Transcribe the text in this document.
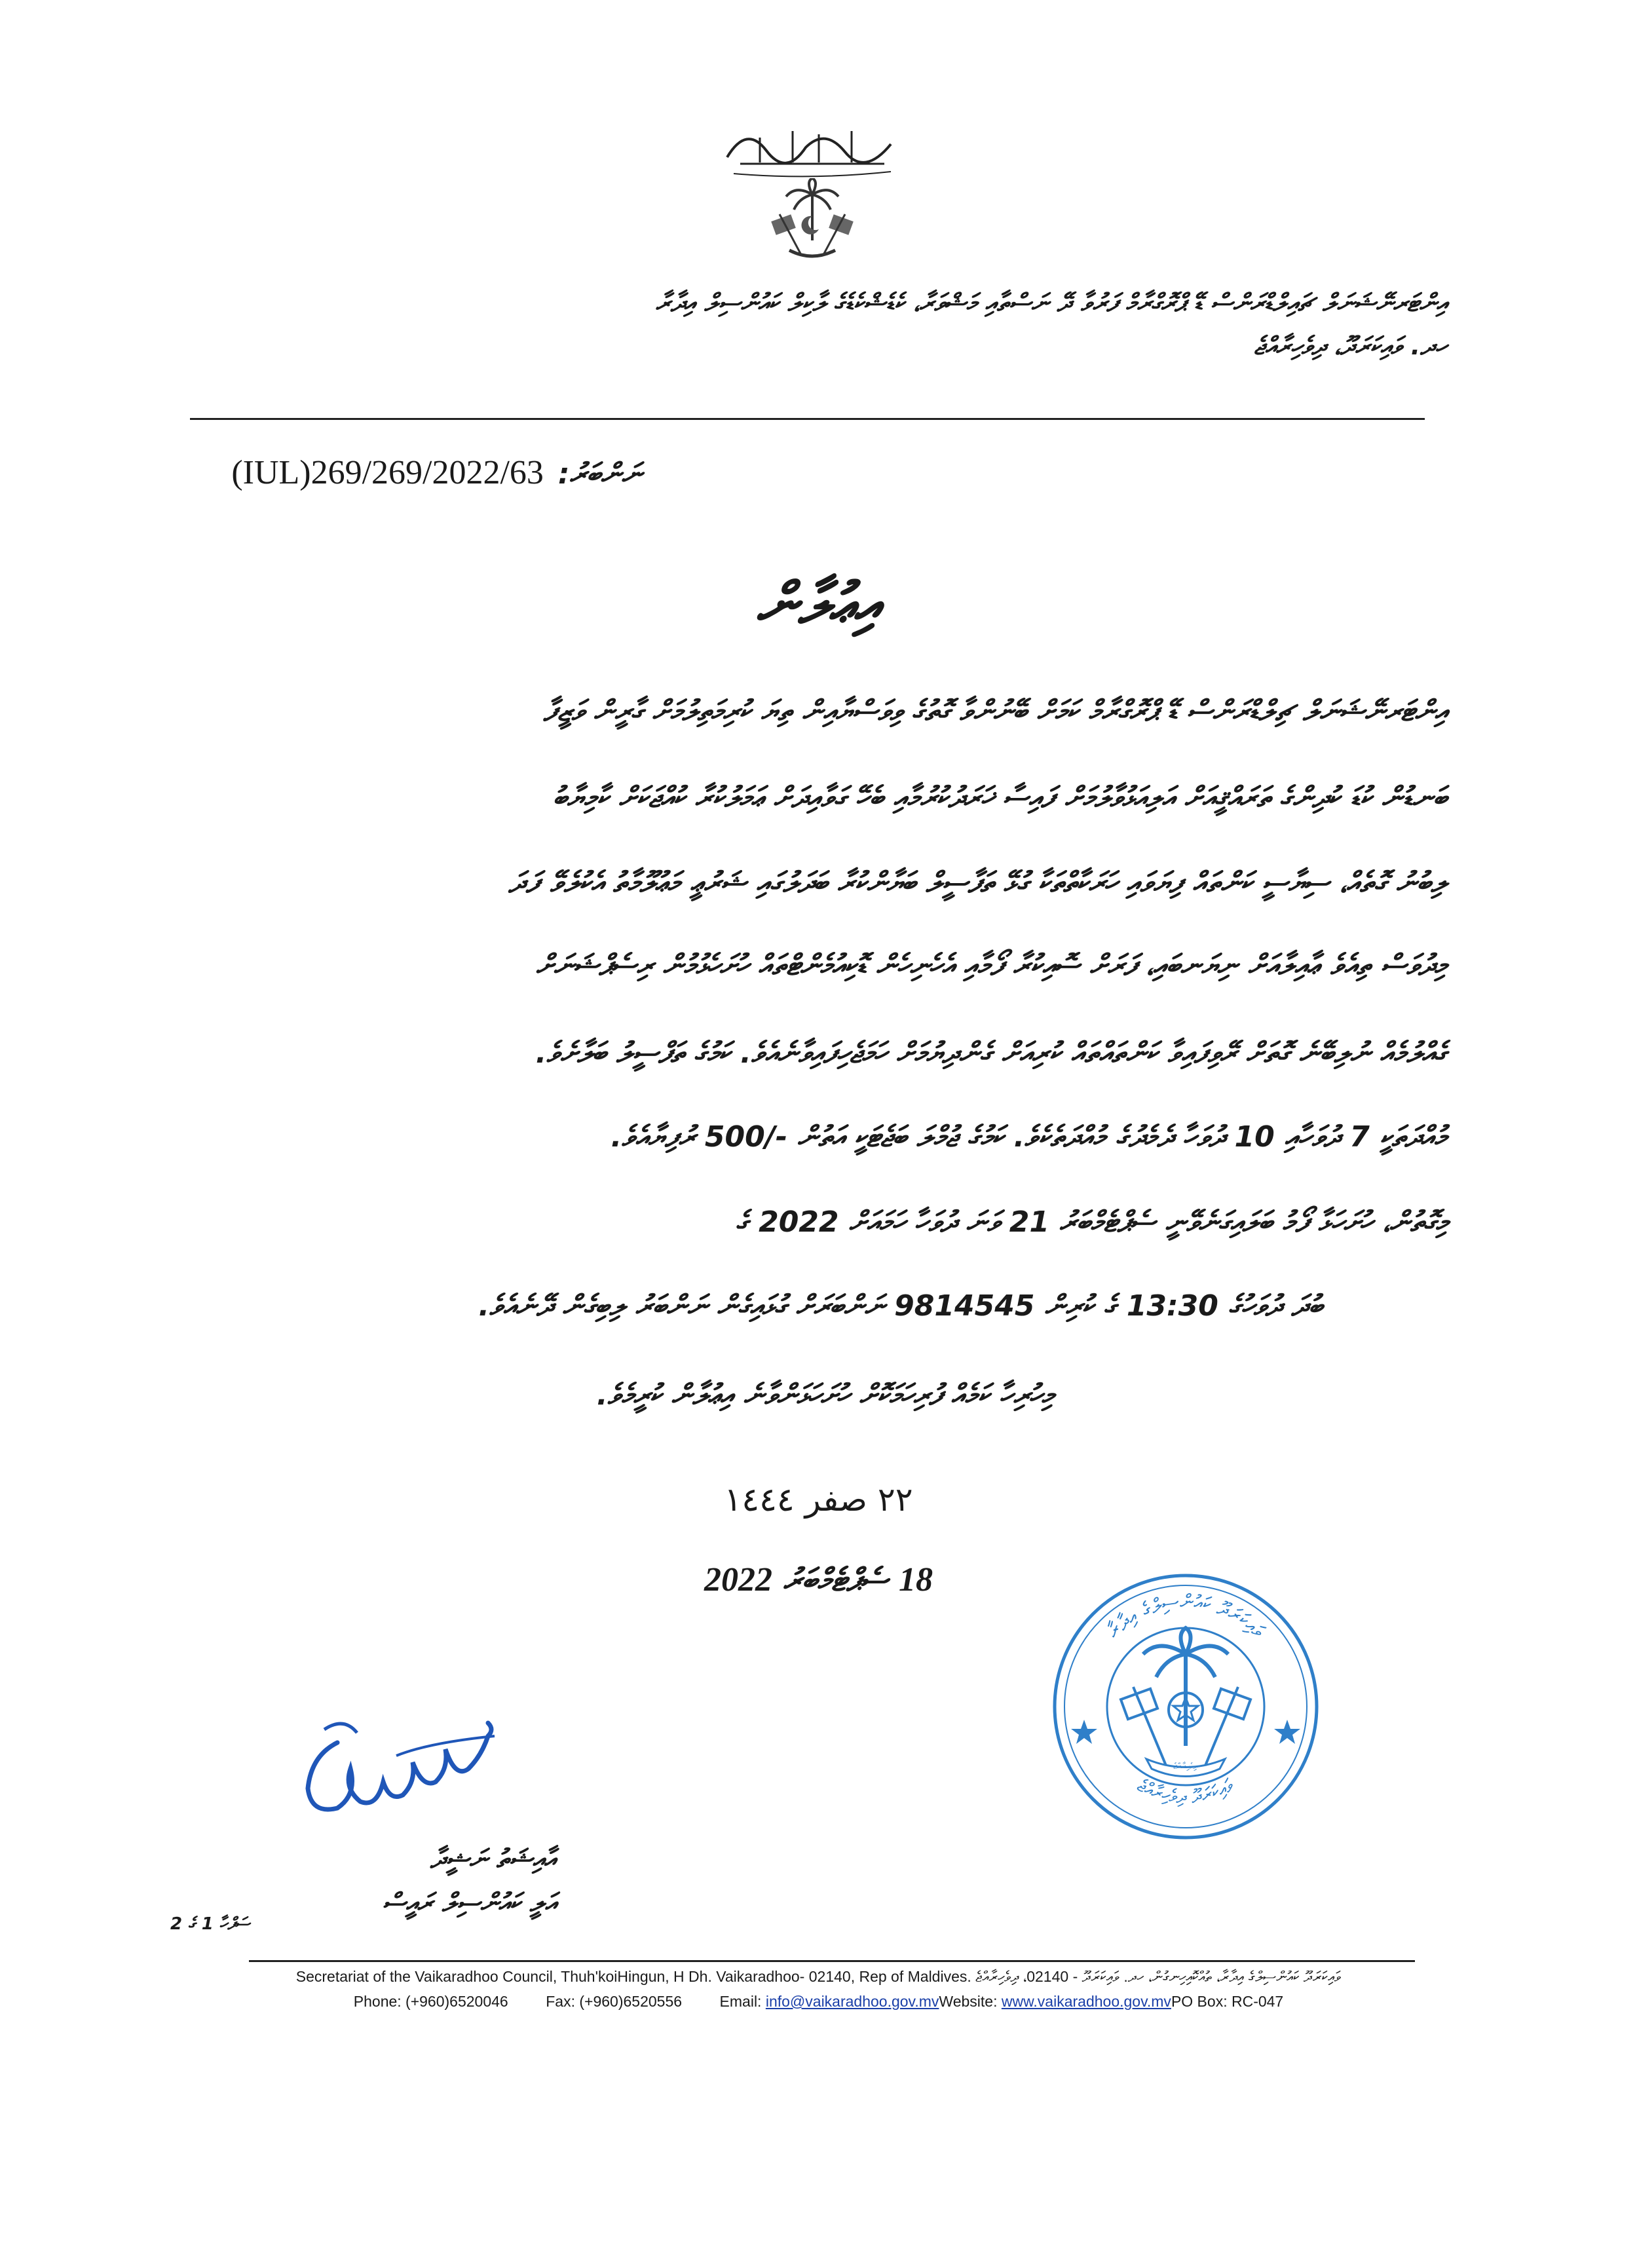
އިންޓަރނޭޝަނަލް ޗައިލްޑްރަންސް ޑޭ ޕްރޮގްރާމް ފަރުވާ ދޭ ނަސްތާއި މަޝްވަރާ، ކެޑެޝްކެޑެގެ ލާކިލް ކައުންސިލް އިދާރާ
ހދ. ވައިކަރަދޫ، ދިވެހިރާއްޖެ
(IUL)269/269/2022/63 ނަންބަރު:
އިޢުލާން
އިންޓަރނޭޝަނަލް ޗިލްޑްރަންސް ޑޭ ޕްރޮގްރާމް ކަމަށް ބޭނުންވާ ގޮތުގެ ވިވަސްޔާއިން ތިޔަ ކުރިމަތިލުމަށް ގާރީން ވަޒީފާ
ބަނޑުން ކުޑަ ކުދިންގެ ތަރައްޤީއަށް އަލިއަޅުވާލުމަށް ފައިސާ ޚަރަދުކުރުމާއި ބެހޭ ގަވާއިދަށް ޢަމަލުކުރާ ކުއްޖަކަށް ކާމިޔާބު
ލިބުނު ގޮތެއް، ސިޔާސީ ކަންތައް ފިޔަވައި ހަރަކާތްތަކާ ގުޅޭ ތަފާސީލް ބަޔާންކުރާ ބަދަލުގައި ޝަރުޢީ މަޢުލޫމާތު އެކުލެވޭ ފަދަ
މިދުވަސް ތިއެވެ ޢާއިލާއަށް ނިޔަނބައި، ފަރަށް ސޮއިކުރާ ފޯމާއި އެހެނިހެން ޑޮކިއުމެންޓްތައް ހުށަހެޅުމުން ރިސެޕްޝަނަށް
ގެއްލުމެއް ނުލިބޭނެ ގޮތަށް ރޭވިފައިވާ ކަންތައްތައް ކުރިއަށް ގެންދިޔުމަށް ހަމަޖެހިފައިވާނެއެވެ. ކަމުގެ ތަފްސީލު ބަލާށެވެ.
މުއްދަތަކީ 7 ދުވަހާއި 10 ދުވަހާ ދެމެދުގެ މުއްދަތެކެވެ. ކަމުގެ ޖުމްލަ ބަޖެޓަކީ އަތުން -/500 ރުފިޔާއެވެ.
މިގޮތުން، ހުށަހަޅާ ފޯމު ބަލައިގަނެވޭނީ ސެޕްޓެމްބަރު 21 ވަނަ ދުވަހާ ހަމައަށް 2022 ގެ
ބުދަ ދުވަހުގެ 13:30 ގެ ކުރިން 9814545 ނަންބަރަށް ގުޅައިގެން ނަންބަރު ލިބިގެން ދޭނެއެވެ.
މިހުރިހާ ކަމެއް ފުރިހަމަކޮށް ހުށަހަޅަންވާނެ އިޢުލާން ކުރީމެވެ.
٢٢ صفر ١٤٤٤
18 ސެޕްޓެމްބަރު 2022
ވައިކަރަދޫ ކައުންސިލްގެ އިދާރާ
ވައިކަރަދޫ ދިވެހިރާއްޖެ
ދިވެހިރާއްޖެ
އާއިޝަތު ނަޝީދާ
އަލީ ކައުންސިލް ރައީސް
ސަފްހާ 1 ގެ 2
Secretariat of the Vaikaradhoo Council, Thuh'koiHingun, H Dh. Vaikaradhoo- 02140, Rep of Maldives. ވައިކަރަދޫ ކައުންސިލްގެ އިދާރާ، ތުއްކޮއިހިނގުން، ހދ. ވައިކަރަދޫ - 02140، ދިވެހިރާއްޖެ
Phone: (+960)6520046	Fax: (+960)6520556	Email: info@vaikaradhoo.gov.mvWebsite: www.vaikaradhoo.gov.mvPO Box: RC-047
